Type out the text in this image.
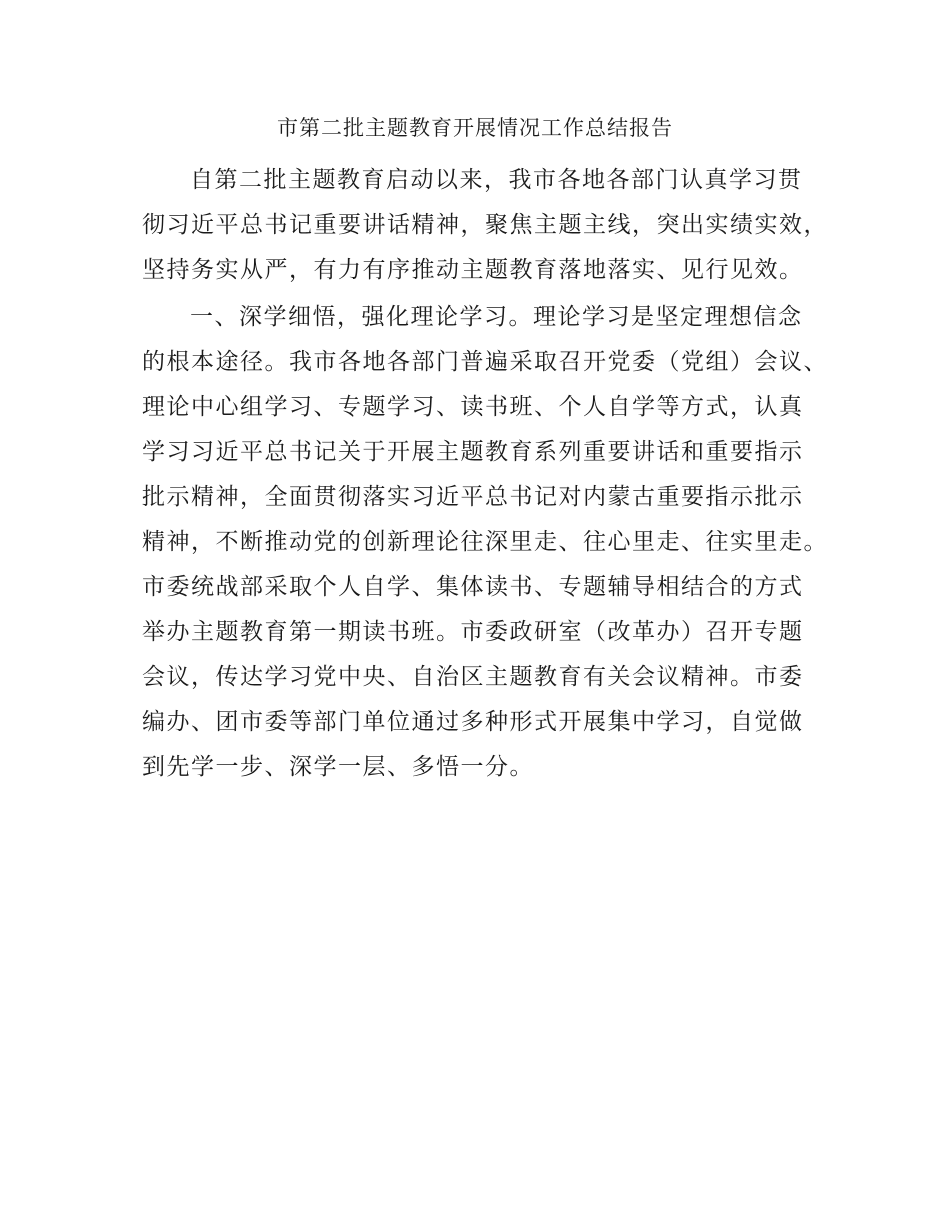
市第二批主题教育开展情况工作总结报告
自第二批主题教育启动以来，我市各地各部门认真学习贯
彻习近平总书记重要讲话精神，聚焦主题主线，突出实绩实效，
坚持务实从严，有力有序推动主题教育落地落实、见行见效。
一、深学细悟，强化理论学习。理论学习是坚定理想信念
的根本途径。我市各地各部门普遍采取召开党委（党组）会议、
理论中心组学习、专题学习、读书班、个人自学等方式，认真
学习习近平总书记关于开展主题教育系列重要讲话和重要指示
批示精神，全面贯彻落实习近平总书记对内蒙古重要指示批示
精神，不断推动党的创新理论往深里走、往心里走、往实里走。
市委统战部采取个人自学、集体读书、专题辅导相结合的方式
举办主题教育第一期读书班。市委政研室（改革办）召开专题
会议，传达学习党中央、自治区主题教育有关会议精神。市委
编办、团市委等部门单位通过多种形式开展集中学习，自觉做
到先学一步、深学一层、多悟一分。
